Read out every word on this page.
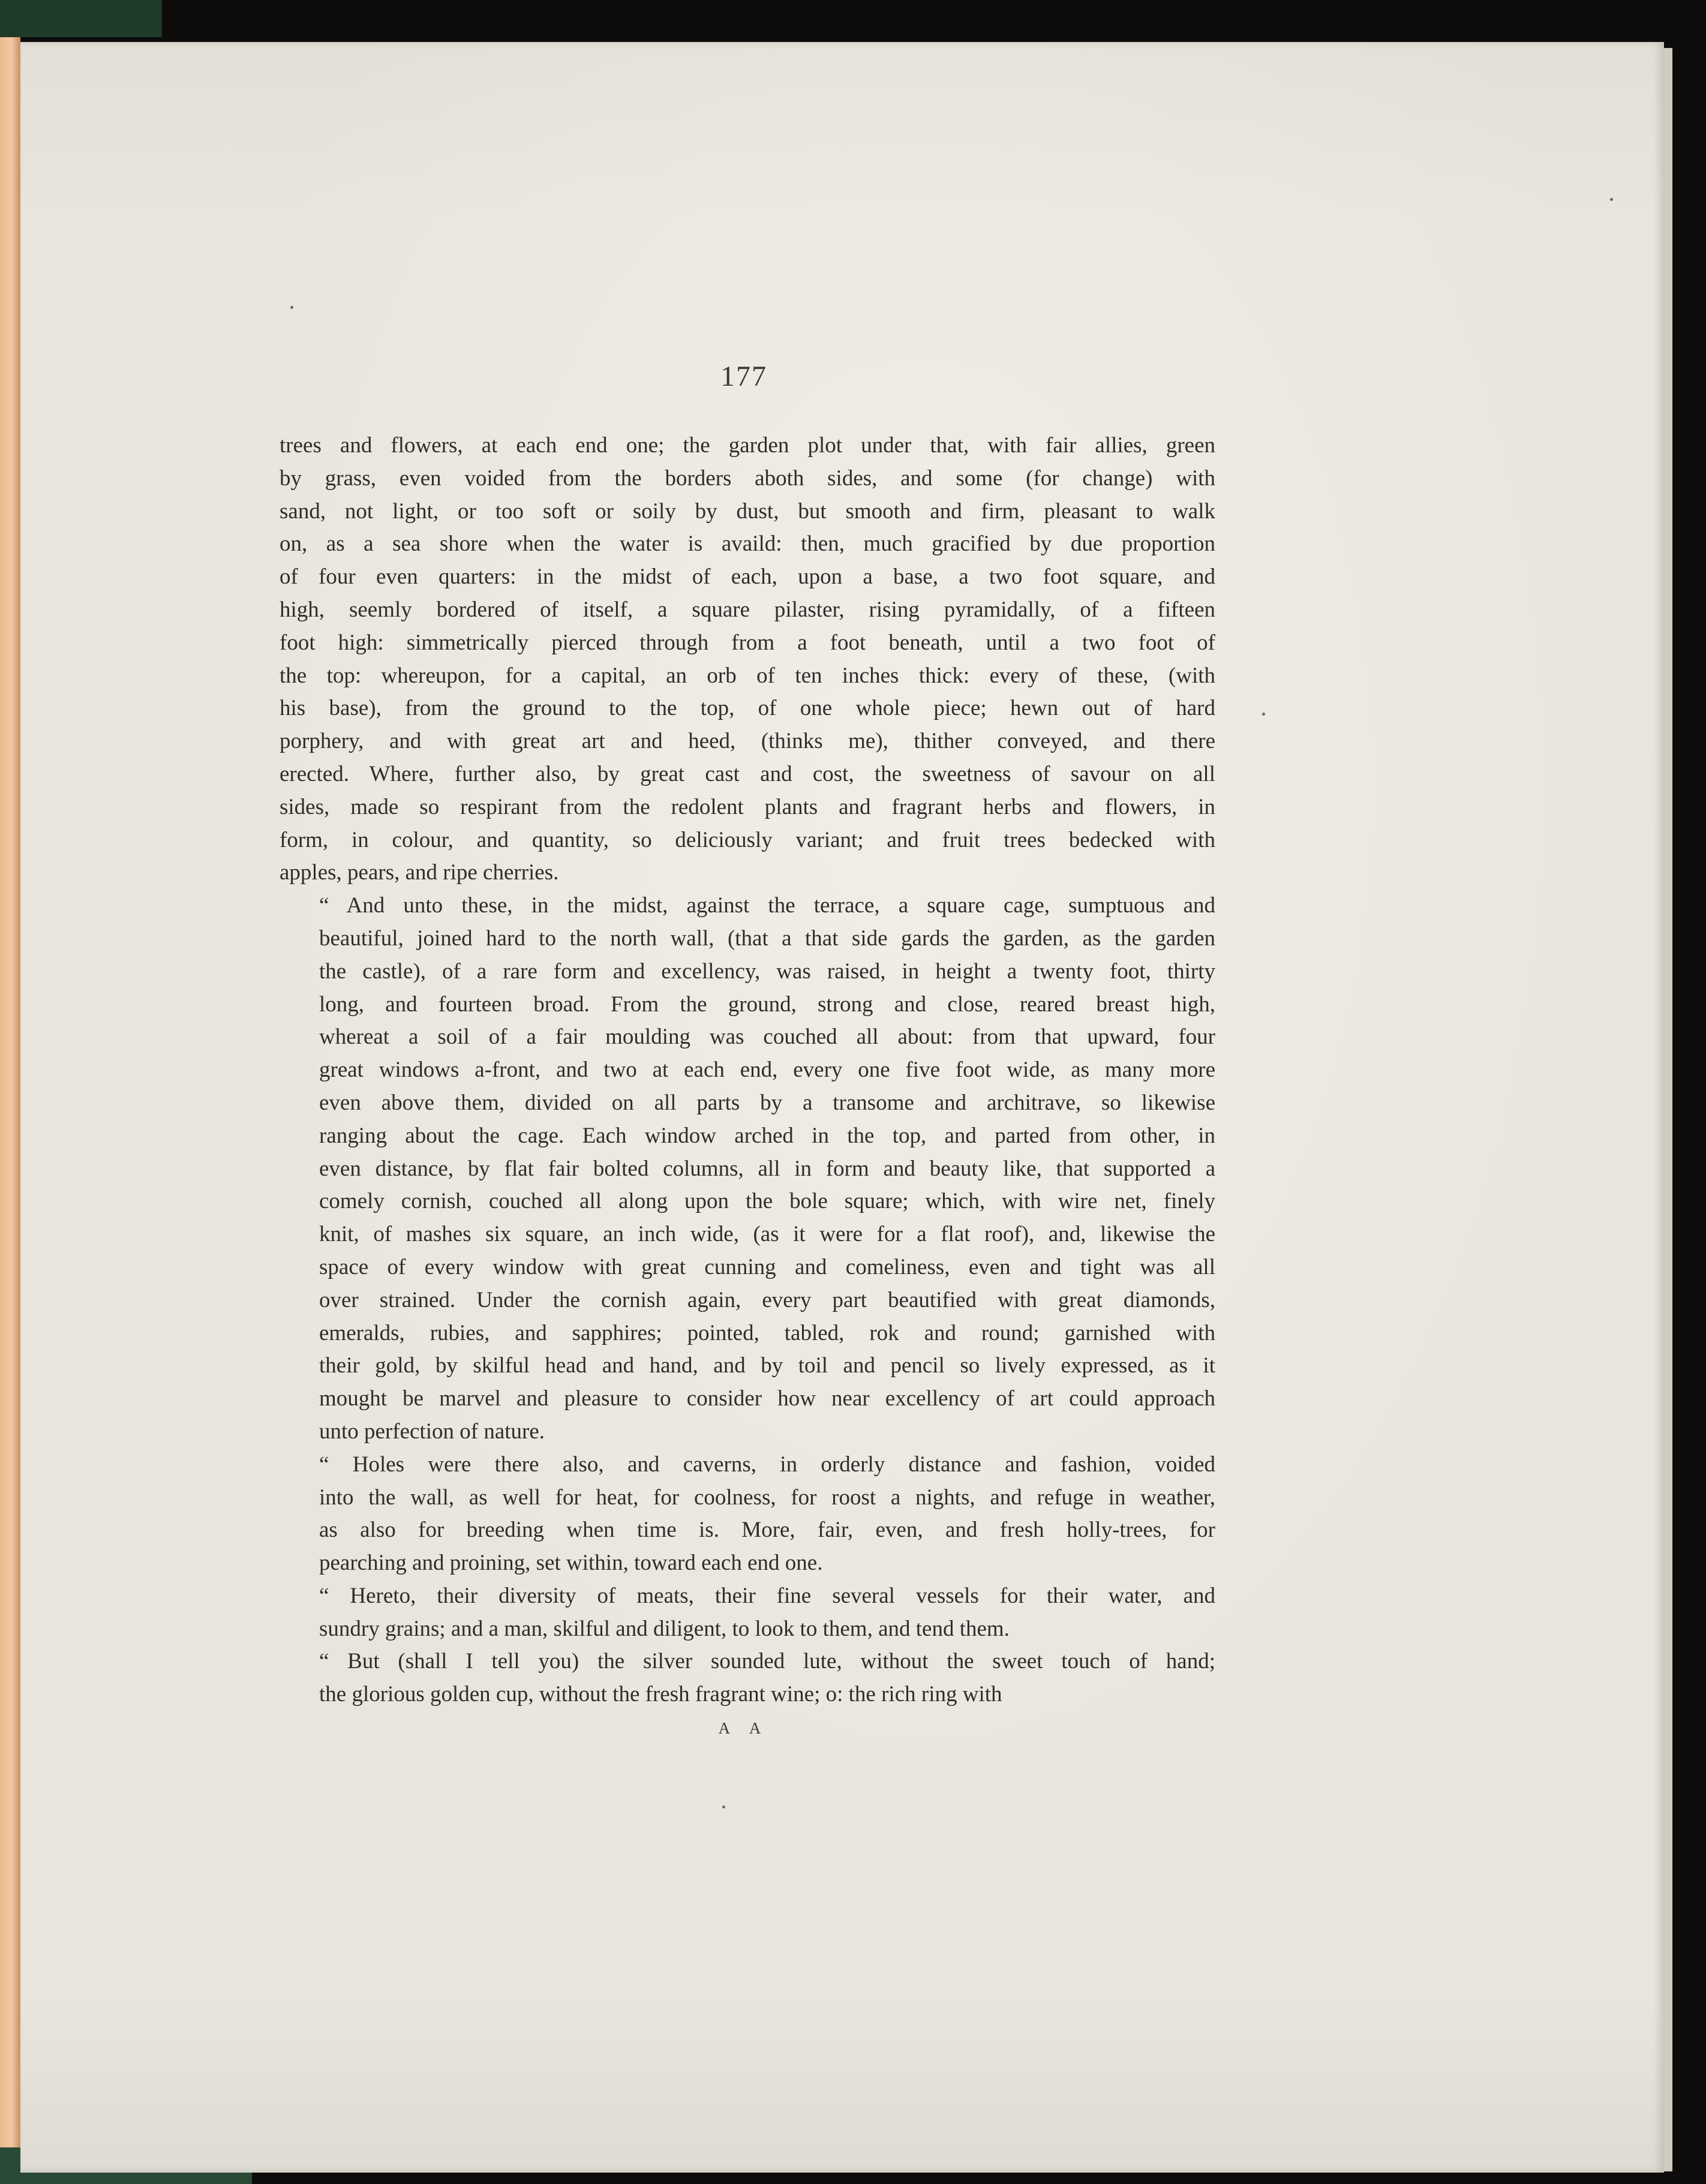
177

trees and flowers, at each end one; the garden plot under that, with fair allies, green
by grass, even voided from the borders aboth sides, and some (for change) with
sand, not light, or too soft or soily by dust, but smooth and firm, pleasant to walk
on, as a sea shore when the water is availd: then, much gracified by due proportion
of four even quarters: in the midst of each, upon a base, a two foot square, and
high, seemly bordered of itself, a square pilaster, rising pyramidally, of a fifteen
foot high: simmetrically pierced through from a foot beneath, until a two foot of
the top: whereupon, for a capital, an orb of ten inches thick: every of these, (with
his base), from the ground to the top, of one whole piece; hewn out of hard
porphery, and with great art and heed, (thinks me), thither conveyed, and there
erected. Where, further also, by great cast and cost, the sweetness of savour on all
sides, made so respirant from the redolent plants and fragrant herbs and flowers, in
form, in colour, and quantity, so deliciously variant; and fruit trees bedecked with
apples, pears, and ripe cherries.

“ And unto these, in the midst, against the terrace, a square cage, sumptuous and
beautiful, joined hard to the north wall, (that a that side gards the garden, as the garden
the castle), of a rare form and excellency, was raised, in height a twenty foot, thirty
long, and fourteen broad. From the ground, strong and close, reared breast high,
whereat a soil of a fair moulding was couched all about: from that upward, four
great windows a-front, and two at each end, every one five foot wide, as many more
even above them, divided on all parts by a transome and architrave, so likewise
ranging about the cage. Each window arched in the top, and parted from other, in
even distance, by flat fair bolted columns, all in form and beauty like, that supported a
comely cornish, couched all along upon the bole square; which, with wire net, finely
knit, of mashes six square, an inch wide, (as it were for a flat roof), and, likewise the
space of every window with great cunning and comeliness, even and tight was all
over strained. Under the cornish again, every part beautified with great diamonds,
emeralds, rubies, and sapphires; pointed, tabled, rok and round; garnished with
their gold, by skilful head and hand, and by toil and pencil so lively expressed, as it
mought be marvel and pleasure to consider how near excellency of art could approach
unto perfection of nature.

“ Holes were there also, and caverns, in orderly distance and fashion, voided
into the wall, as well for heat, for coolness, for roost a nights, and refuge in weather,
as also for breeding when time is. More, fair, even, and fresh holly-trees, for
pearching and proining, set within, toward each end one.

“ Hereto, their diversity of meats, their fine several vessels for their water, and
sundry grains; and a man, skilful and diligent, to look to them, and tend them.

“ But (shall I tell you) the silver sounded lute, without the sweet touch of hand;
the glorious golden cup, without the fresh fragrant wine; o: the rich ring with

A A
